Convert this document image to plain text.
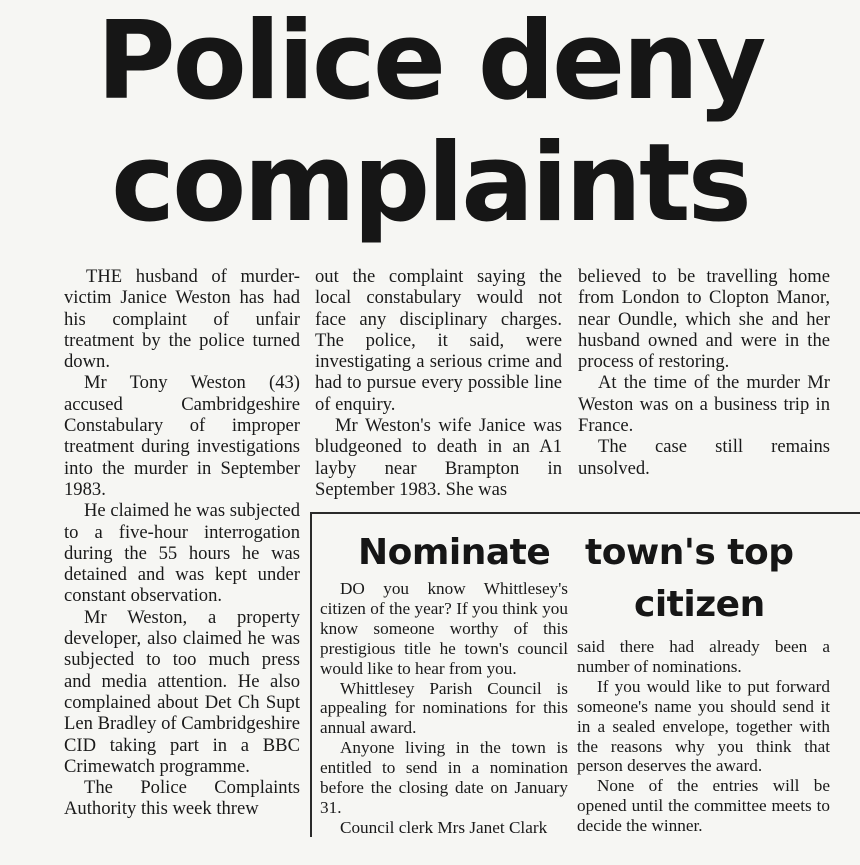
Police deny
complaints

THE husband of murder-victim Janice Weston has had his complaint of unfair treatment by the police turned down.

Mr Tony Weston (43) accused Cambridgeshire Constabulary of improper treatment during investigations into the murder in September 1983.

He claimed he was subjected to a five-hour interrogation during the 55 hours he was detained and was kept under constant observation.

Mr Weston, a property developer, also claimed he was subjected to too much press and media attention. He also complained about Det Ch Supt Len Bradley of Cambridgeshire CID taking part in a BBC Crimewatch programme.

The Police Complaints Authority this week threw

out the complaint saying the local constabulary would not face any disciplinary charges. The police, it said, were investigating a serious crime and had to pursue every possible line of enquiry.

Mr Weston's wife Janice was bludgeoned to death in an A1 layby near Brampton in September 1983. She was

believed to be travelling home from London to Clopton Manor, near Oundle, which she and her husband owned and were in the process of restoring.

At the time of the murder Mr Weston was on a business trip in France.

The case still remains unsolved.

Nominate town's top
citizen

DO you know Whittlesey's citizen of the year? If you think you know someone worthy of this prestigious title he town's council would like to hear from you.

Whittlesey Parish Council is appealing for nominations for this annual award.

Anyone living in the town is entitled to send in a nomination before the closing date on January 31.

Council clerk Mrs Janet Clark

said there had already been a number of nominations.

If you would like to put forward someone's name you should send it in a sealed envelope, together with the reasons why you think that person deserves the award.

None of the entries will be opened until the committee meets to decide the winner.
